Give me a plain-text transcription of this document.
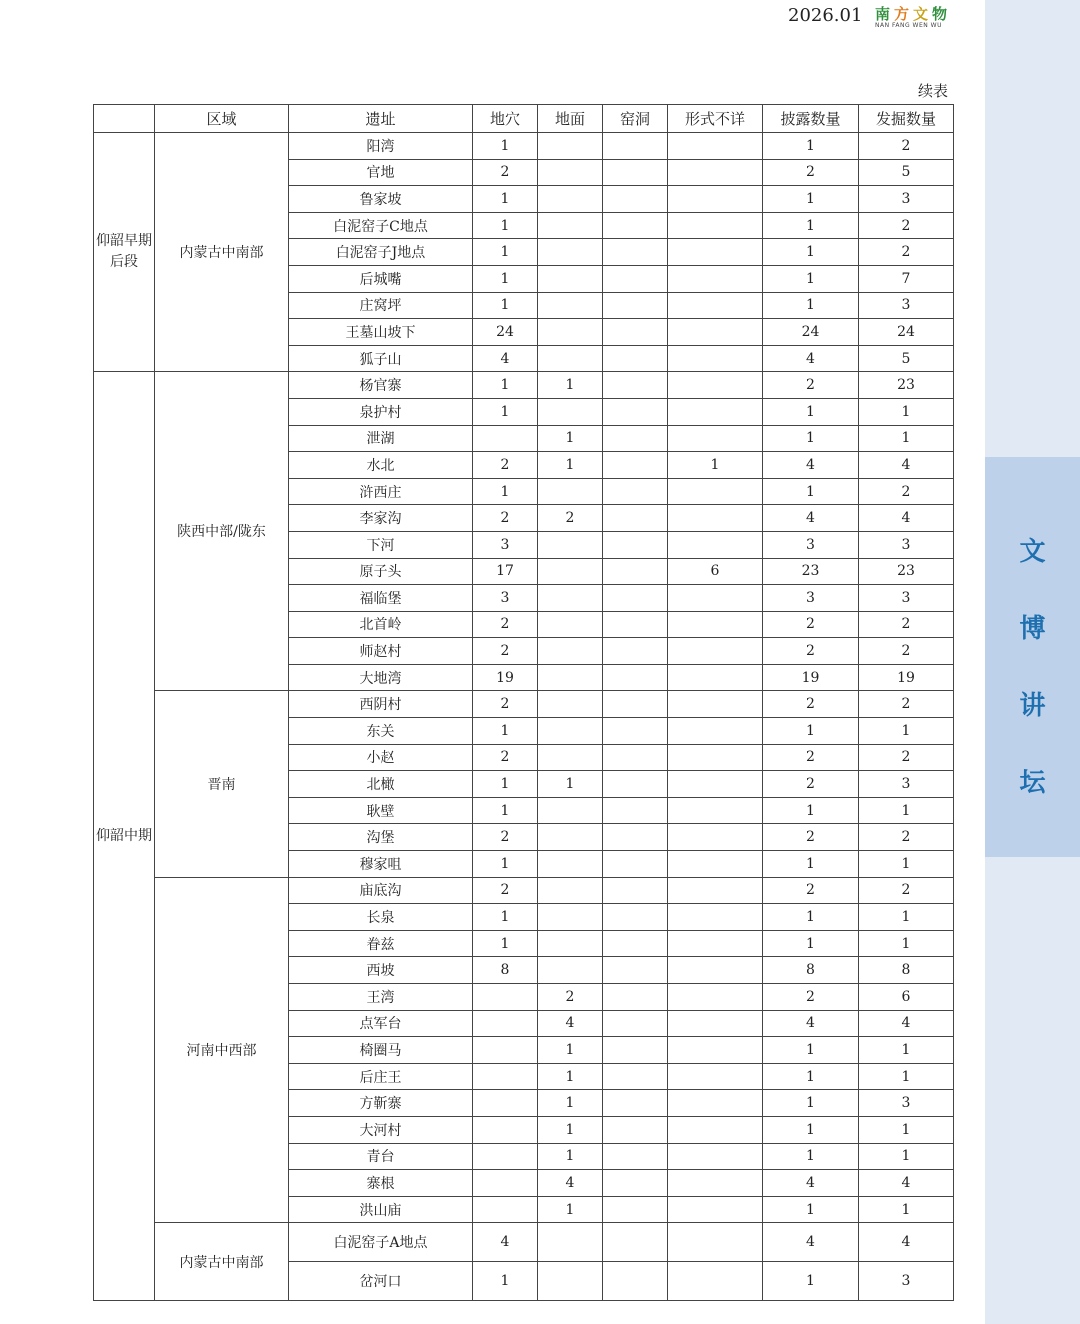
文
博
讲
坛
2026.01 南 方 文 物
NAN FANG WEN WU
续表
	区域	遗址	地穴	地面	窑洞	形式不详	披露数量	发掘数量
仰韶早期后段	内蒙古中南部	阳湾	1				1	2
		官地	2				2	5
		鲁家坡	1				1	3
		白泥窑子C地点	1				1	2
		白泥窑子J地点	1				1	2
		后城嘴	1				1	7
		庄窝坪	1				1	3
		王墓山坡下	24				24	24
		狐子山	4				4	5
仰韶中期	陕西中部/陇东	杨官寨	1	1			2	23
		泉护村	1				1	1
		泄湖		1			1	1
		水北	2	1		1	4	4
		浒西庄	1				1	2
		李家沟	2	2			4	4
		下河	3				3	3
		原子头	17			6	23	23
		福临堡	3				3	3
		北首岭	2				2	2
		师赵村	2				2	2
		大地湾	19				19	19
	晋南	西阴村	2				2	2
		东关	1				1	1
		小赵	2				2	2
		北橄	1	1			2	3
		耿壁	1				1	1
		沟堡	2				2	2
		穆家咀	1				1	1
	河南中西部	庙底沟	2				2	2
		长泉	1				1	1
		眷兹	1				1	1
		西坡	8				8	8
		王湾		2			2	6
		点军台		4			4	4
		椅圈马		1			1	1
		后庄王		1			1	1
		方靳寨		1			1	3
		大河村		1			1	1
		青台		1			1	1
		寨根		4			4	4
		洪山庙		1			1	1
	内蒙古中南部	白泥窑子A地点	4				4	4
		岔河口	1				1	3
